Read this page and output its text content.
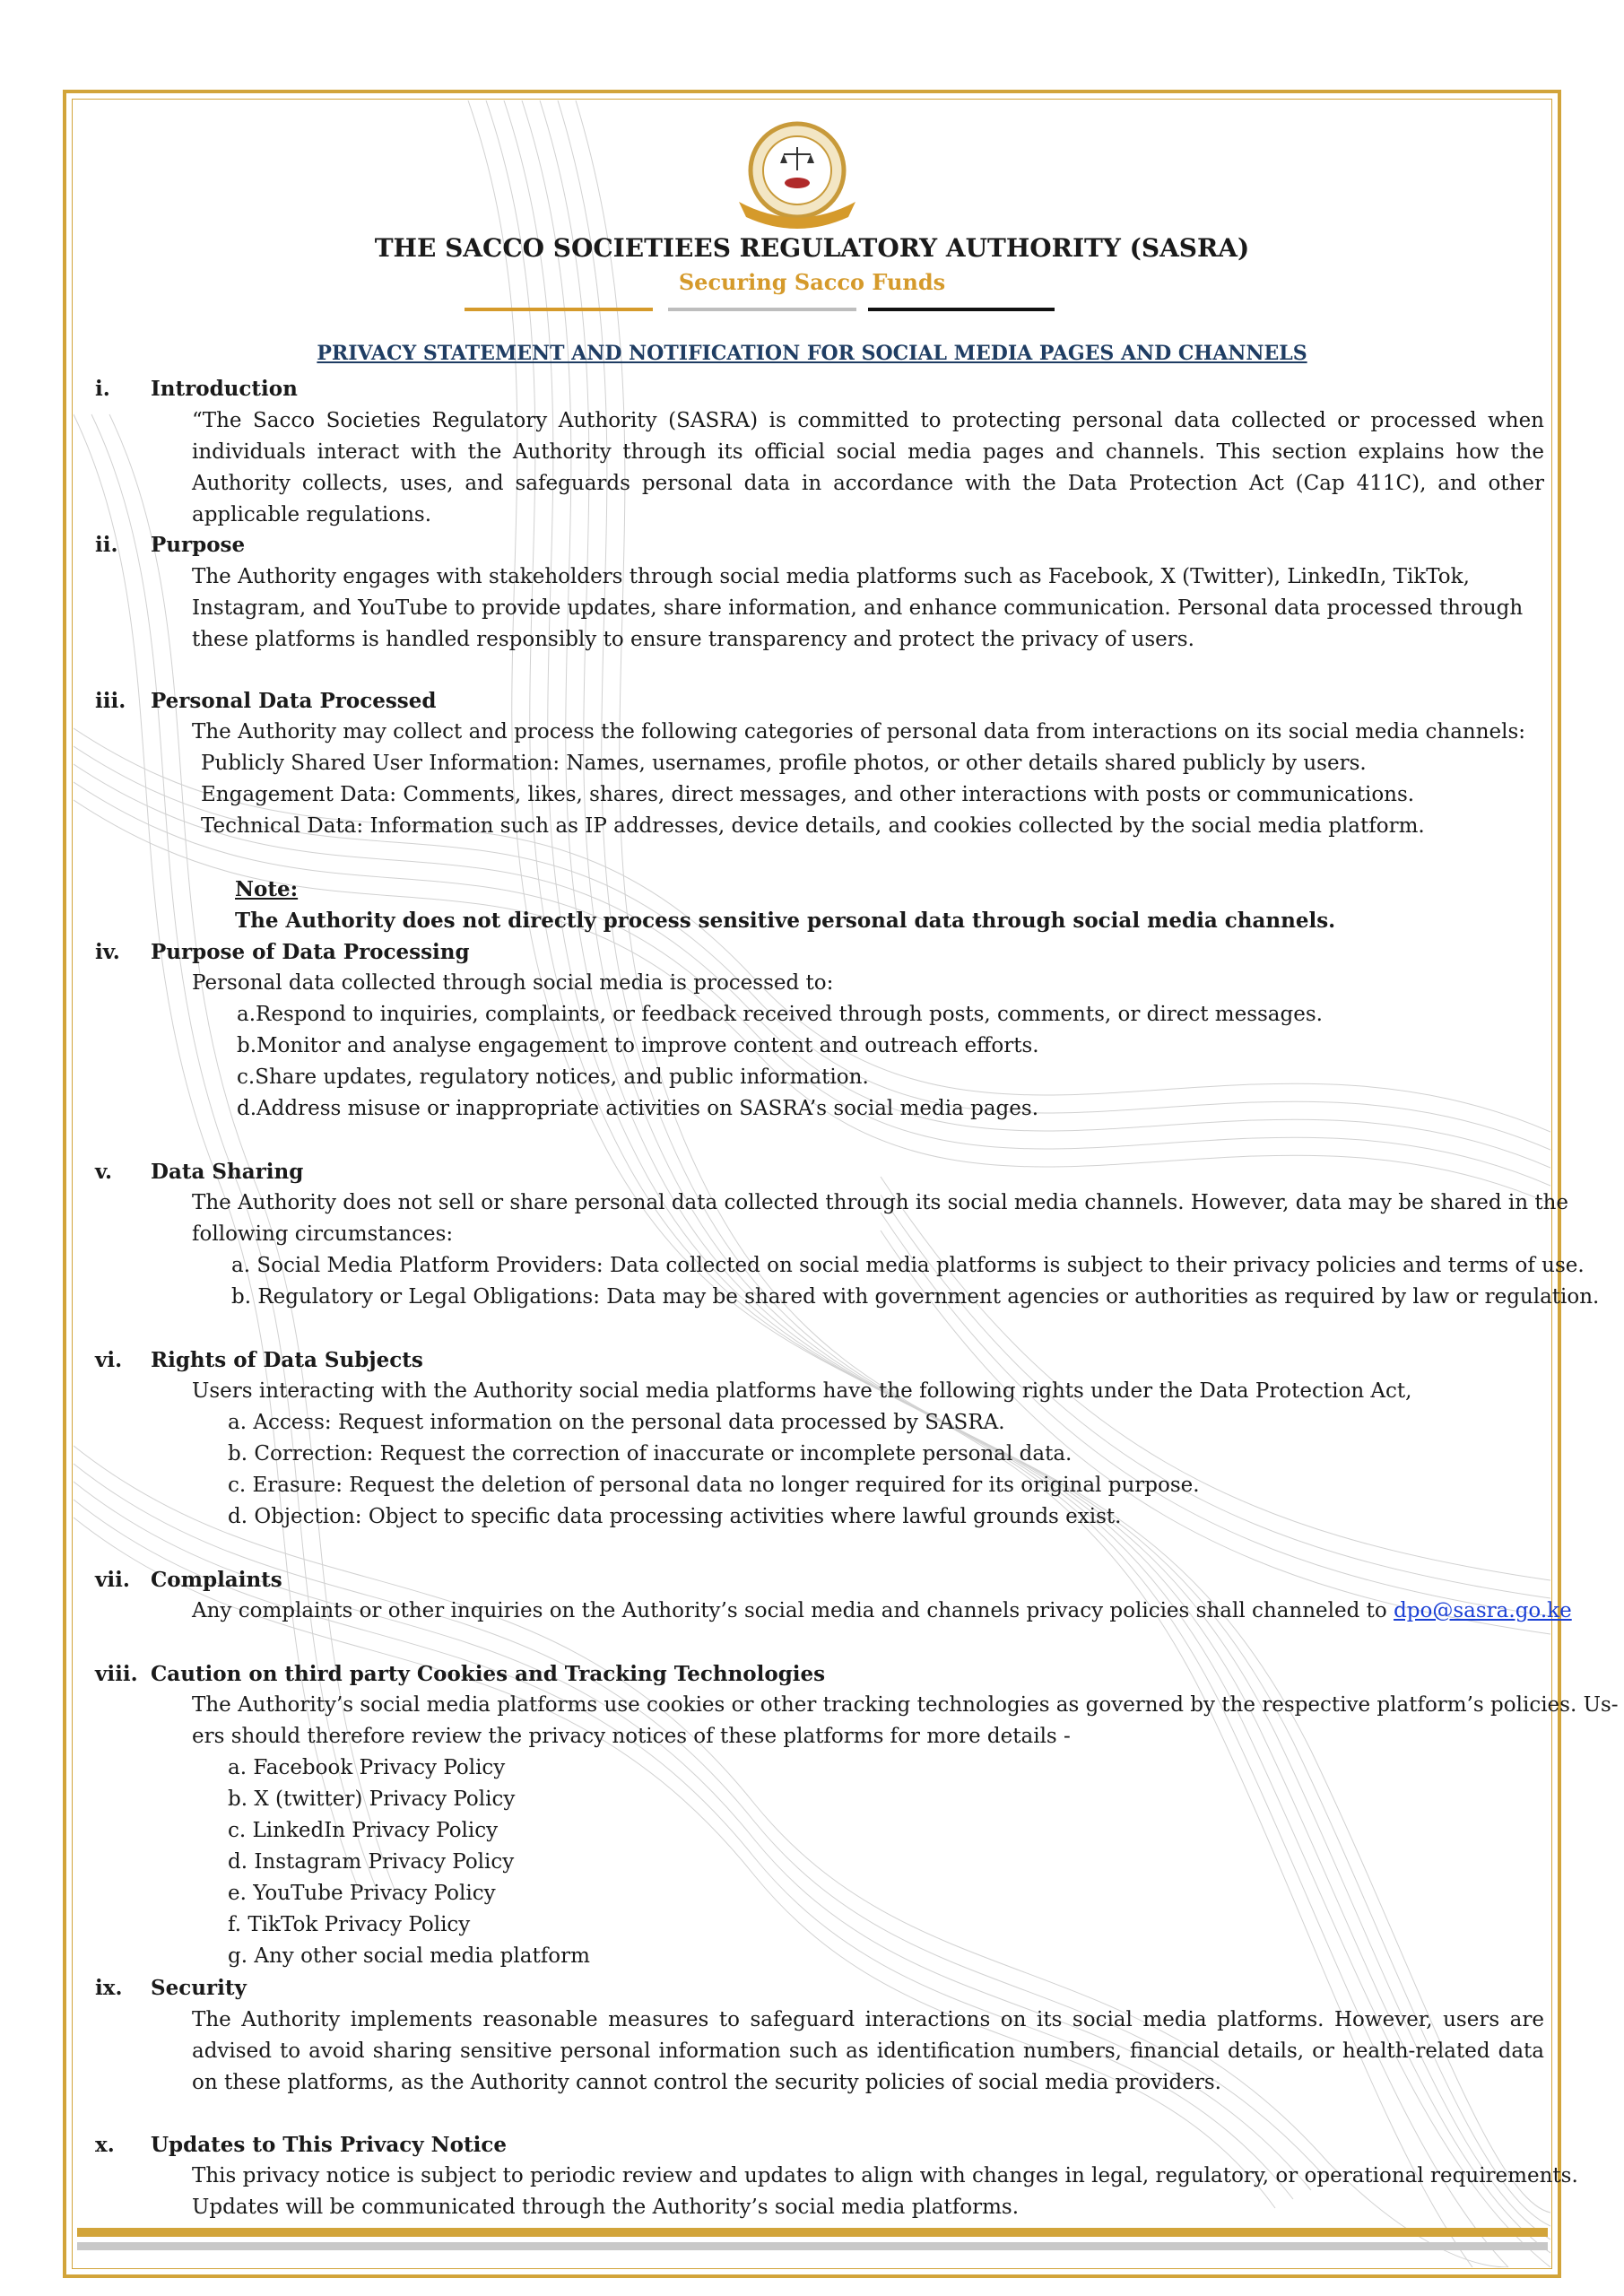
THE SACCO SOCIETIEES REGULATORY AUTHORITY (SASRA)
Securing Sacco Funds
PRIVACY STATEMENT AND NOTIFICATION FOR SOCIAL MEDIA PAGES AND CHANNELS
i. Introduction
“The Sacco Societies Regulatory Authority (SASRA) is committed to protecting personal data collected or processed when individuals interact with the Authority through its official social media pages and channels. This section explains how the Authority collects, uses, and safeguards personal data in accordance with the Data Protection Act (Cap 411C), and other applicable regulations.
ii. Purpose
The Authority engages with stakeholders through social media platforms such as Facebook, X (Twitter), LinkedIn, TikTok, Instagram, and YouTube to provide updates, share information, and enhance communication. Personal data processed through these platforms is handled responsibly to ensure transparency and protect the privacy of users.
iii. Personal Data Processed
The Authority may collect and process the following categories of personal data from interactions on its social media channels:
Publicly Shared User Information: Names, usernames, profile photos, or other details shared publicly by users.
Engagement Data: Comments, likes, shares, direct messages, and other interactions with posts or communications.
Technical Data: Information such as IP addresses, device details, and cookies collected by the social media platform.
Note:
The Authority does not directly process sensitive personal data through social media channels.
iv. Purpose of Data Processing
Personal data collected through social media is processed to:
a.Respond to inquiries, complaints, or feedback received through posts, comments, or direct messages.
b.Monitor and analyse engagement to improve content and outreach efforts.
c.Share updates, regulatory notices, and public information.
d.Address misuse or inappropriate activities on SASRA’s social media pages.
v. Data Sharing
The Authority does not sell or share personal data collected through its social media channels. However, data may be shared in the
following circumstances:
a. Social Media Platform Providers: Data collected on social media platforms is subject to their privacy policies and terms of use.
b. Regulatory or Legal Obligations: Data may be shared with government agencies or authorities as required by law or regulation.
vi. Rights of Data Subjects
Users interacting with the Authority social media platforms have the following rights under the Data Protection Act,
a. Access: Request information on the personal data processed by SASRA.
b. Correction: Request the correction of inaccurate or incomplete personal data.
c. Erasure: Request the deletion of personal data no longer required for its original purpose.
d. Objection: Object to specific data processing activities where lawful grounds exist.
vii. Complaints
Any complaints or other inquiries on the Authority’s social media and channels privacy policies shall channeled to dpo@sasra.go.ke
viii. Caution on third party Cookies and Tracking Technologies
The Authority’s social media platforms use cookies or other tracking technologies as governed by the respective platform’s policies. Us-
ers should therefore review the privacy notices of these platforms for more details -
a. Facebook Privacy Policy
b. X (twitter) Privacy Policy
c. LinkedIn Privacy Policy
d. Instagram Privacy Policy
e. YouTube Privacy Policy
f. TikTok Privacy Policy
g. Any other social media platform
ix. Security
The Authority implements reasonable measures to safeguard interactions on its social media platforms. However, users are advised to avoid sharing sensitive personal information such as identification numbers, financial details, or health-related data on these platforms, as the Authority cannot control the security policies of social media providers.
x. Updates to This Privacy Notice
This privacy notice is subject to periodic review and updates to align with changes in legal, regulatory, or operational requirements.
Updates will be communicated through the Authority’s social media platforms.
